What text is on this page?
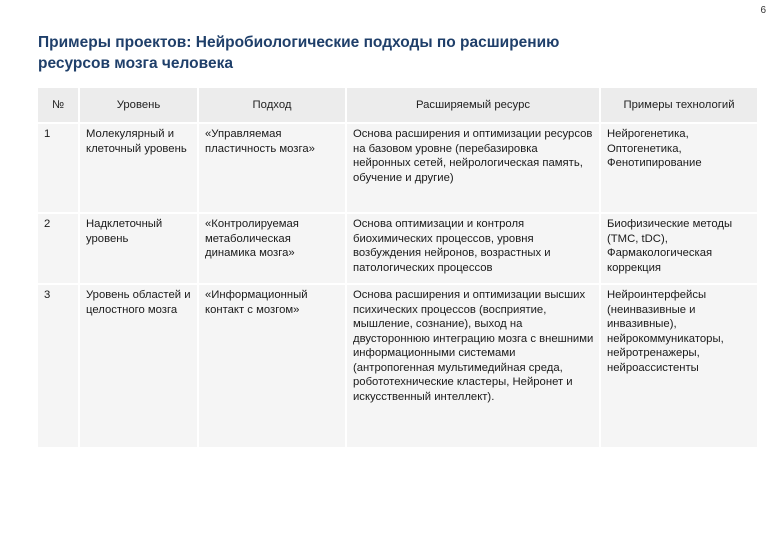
6
Примеры проектов: Нейробиологические подходы по расширению
ресурсов мозга человека
№	Уровень	Подход	Расширяемый ресурс	Примеры технологий
1	Молекулярный и клеточный уровень	«Управляемая пластичность мозга»	Основа расширения и оптимизации ресурсов на базовом уровне (перебазировка нейронных сетей, нейрологическая память, обучение и другие)	Нейрогенетика, Оптогенетика, Фенотипирование
2	Надклеточный уровень	«Контролируемая метаболическая динамика мозга»	Основа оптимизации и контроля биохимических процессов, уровня возбуждения нейронов, возрастных и патологических процессов	Биофизические методы (TMC, tDC), Фармакологическая коррекция
3	Уровень областей и целостного мозга	«Информационный контакт с мозгом»	Основа расширения и оптимизации высших психических процессов (восприятие, мышление, сознание), выход на двустороннюю интеграцию мозга с внешними информационными системами (антропогенная мультимедийная среда, робототехнические кластеры, Нейронет и искусственный интеллект).	Нейроинтерфейсы (неинвазивные и инвазивные), нейрокоммуникаторы, нейротренажеры, нейроассистенты
